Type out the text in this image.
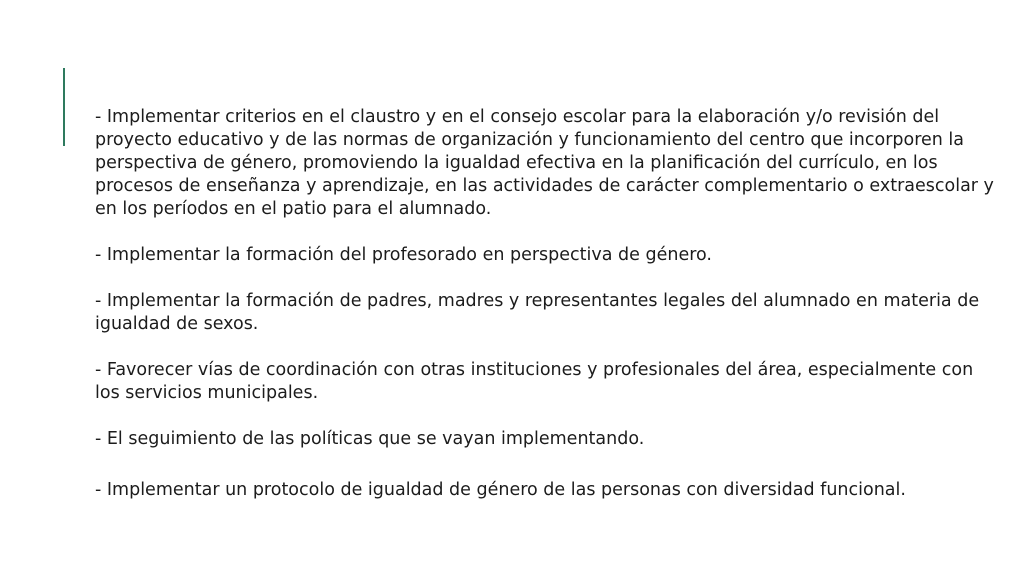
- Implementar criterios en el claustro y en el consejo escolar para la elaboración y/o revisión del proyecto educativo y de las normas de organización y funcionamiento del centro que incorporen la perspectiva de género, promoviendo la igualdad efectiva en la planificación del currículo, en los procesos de enseñanza y aprendizaje, en las actividades de carácter complementario o extraescolar y en los períodos en el patio para el alumnado.

- Implementar la formación del profesorado en perspectiva de género.

- Implementar la formación de padres, madres y representantes legales del alumnado en materia de igualdad de sexos.

- Favorecer vías de coordinación con otras instituciones y profesionales del área, especialmente con los servicios municipales.

- El seguimiento de las políticas que se vayan implementando.

- Implementar un protocolo de igualdad de género de las personas con diversidad funcional.
